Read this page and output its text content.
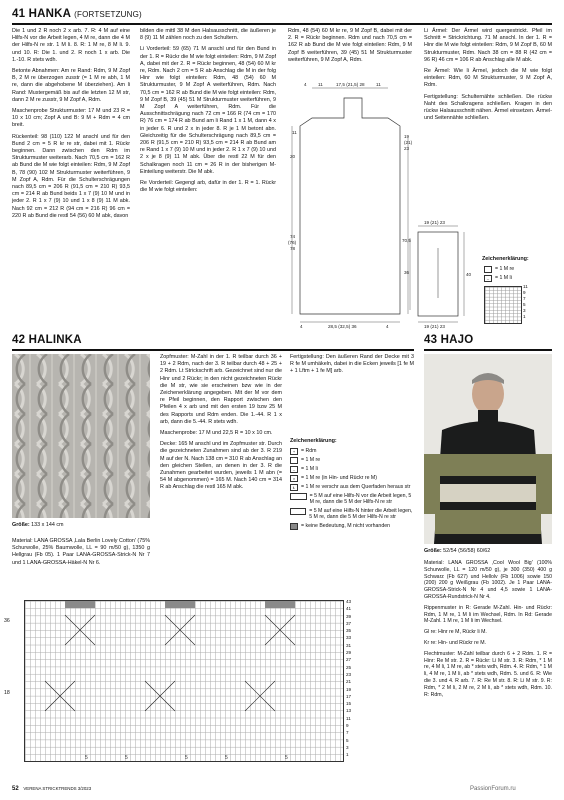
41 HANKA (FORTSETZUNG)

Die 1 und 2 R noch 2 x arb. 7. R: 4 M auf eine Hilfs-N vor die Arbeit legen, 4 M re, dann die 4 M der Hilfs-N re str. 1 M li. 8. R: 1 M re, 8 M li. 9. und 10. R: Die 1. und 2. R noch 1 x arb. Die 1.-10. R stets wdh.

Betonte Abnahmen: Am re Rand: Rdm, 9 M Zopf B, 2 M re überzogen zusstr (= 1 M re abh, 1 M re, dann die abgehobene M überziehen). Am li Rand: Mustergemäß bis auf die letzten 12 M str, dann 2 M re zusstr, 9 M Zopf A, Rdm.

Maschenprobe Strukturmuster: 17 M und 23 R = 10 x 10 cm; Zopf A und B: 9 M + Rdm = 4 cm breit.

Rückenteil: 98 (110) 122 M anschl und für den Bund 2 cm = 5 R kr re str, dabei mit 1. Rückr beginnen. Dann zwischen den Rdm im Strukturmuster weiterarb. Nach 70,5 cm = 162 R ab Bund die M wie folgt einteilen: Rdm, 9 M Zopf B, 78 (90) 102 M Strukturmuster weiterführen, 9 M Zopf A, Rdm. Für die Schulterschrägungen nach 89,5 cm = 206 R (91,5 cm = 210 R) 93,5 cm = 214 R ab Bund beids 1 x 7 (9) 10 M und in jeder 2. R 1 x 7 (9) 10 und 1 x 8 (9) 11 M abk. Nach 92 cm = 212 R (94 cm = 216 R) 96 cm = 220 R ab Bund die restl 54 (56) 60 M abk, davon

bilden die mittl 38 M den Halsausschnitt, die äußeren je 8 (9) 11 M zählen noch zu den Schultern.

Li Vorderteil: 59 (65) 71 M anschl und für den Bund in der 1. R = Rückr die M wie folgt einteilen: Rdm, 9 M Zopf A, dabei mit der 2. R = Rückr beginnen, 48 (54) 60 M kr re, Rdm. Nach 2 cm = 5 R ab Anschlag die M in der folg Hinr wie folgt einteilen: Rdm, 48 (54) 60 M Strukturmuster, 9 M Zopf A weiterführen, Rdm. Nach 70,5 cm = 162 R ab Bund die M wie folgt einteilen: Rdm, 9 M Zopf B, 39 (45) 51 M Strukturmuster weiterführen, 9 M Zopf A weiterführen, Rdm. Für die Ausschnittschrägung nach 72 cm = 166 R (74 cm = 170 R) 76 cm = 174 R ab Bund am li Rand 1 x 1 M, dann 4 x in jeder 6. R und 2 x in jeder 8. R je 1 M betont abn. Gleichzeitig für die Schulterschrägung nach 89,5 cm = 206 R (91,5 cm = 210 R) 93,5 cm = 214 R ab Bund am re Rand 1 x 7 (9) 10 M und in jeder 2. R 1 x 7 (9) 10 und 2 x je 8 (9) 11 M abk. Über die restl 22 M für den Schalkragen noch 11 cm = 26 R in der bisherigen M-Einteilung weiterstr. Die M abk.

Re Vorderteil: Gegengl arb, dafür in der 1. R = 1. Rückr die M wie folgt einteilen:

Rdm, 48 (54) 60 M kr re, 9 M Zopf B, dabei mit der 2. R = Rückr beginnen. Rdm und nach 70,5 cm = 162 R ab Bund die M wie folgt einteilen: Rdm, 9 M Zopf B weiterführen, 39 (45) 51 M Strukturmuster weiterführen, 9 M Zopf A, Rdm.

Li Ärmel: Der Ärmel wird quergestrickt. Pfeil im Schnitt = Strickrichtung. 71 M anschl. In der 1. R = Hinr die M wie folgt einteilen: Rdm, 9 M Zopf B, 60 M Strukturmuster, Rdm. Nach 38 cm = 88 R (42 cm = 96 R) 46 cm = 106 R ab Anschlag alle M abk.

Re Ärmel: Wie li Ärmel, jedoch die M wie folgt einteilen: Rdm, 60 M Strukturmuster, 9 M Zopf A, Rdm.

Fertigstellung: Schulternähte schließen. Die rückw Naht des Schalkragens schließen. Kragen in den rückw Halsausschnitt nähen. Ärmel einsetzen. Ärmel- und Seitennähte schließen.

4 11	17,5 (21,5) 28 11
11
19
(21)
23
20
74
(76)
78
70,5
4	28,5 (32,5) 36	4
19 (21) 23
36	40
19 (21) 23
Zeichenerklärung:
= 1 M re
–	= 1 M li
11
9
7
5
3
1
42 HALINKA	43 HAJO
Größe: 133 x 144 cm

Material: LANA GROSSA ‚Lala Berlin Lovely Cotton' (75% Schurwolle, 25% Baumwolle, LL = 90 m/50 g), 1350 g Hellgrau (Fb 05). 1 Paar LANA-GROSSA-Strick-N Nr 7 und 1 LANA-GROSSA-Häkel-N Nr 6.

Zopfmuster: M-Zahl in der 1. R teilbar durch 36 + 19 + 2 Rdm, nach der 3. R teilbar durch 48 + 25 + 2 Rdm. Lt Strickschrift arb. Gezeichnet sind nur die Hinr und 2 Rückr; in den nicht gezeichneten Rückr die M str, wie sie erscheinen bzw wie in der Zeichenerklärung angegeben. Mit der M vor dem re Pfeil beginnen, den Rapport zwischen den Pfeilen 4 x arb und mit den ersten 19 bzw 25 M des Rapports und Rdm enden. Die 1.-44. R 1 x arb, dann die 5.-44. R stets wdh.

Maschenprobe: 17 M und 22,5 R = 10 x 10 cm.

Decke: 165 M anschl und im Zopfmuster str. Durch die gezeichneten Zunahmen sind ab der 3. R 219 M auf der N. Nach 138 cm = 310 R ab Anschlag an den gleichen Stellen, an denen in der 3. R die Zunahmen gearbeitet wurden, jeweils 1 M abn (= 54 M abgenommen) = 165 M. Nach 140 cm = 314 R ab Anschlag die restl 165 M abk.

Fertigstellung: Den äußeren Rand der Decke mit 3 R fe M umhäkeln, dabei in die Ecken jeweils [1 fe M + 1 Lftm + 1 fe M] arb.

Zeichenerklärung:
+	= Rdm
= 1 M re
–	= 1 M li
×	= 1 M re (in Hin- und Rückr re M)
Ł	= 1 M re verschr aus dem Querfaden heraus str
= 5 M auf eine Hilfs-N vor die Arbeit legen, 5 M re, dann die 5 M der Hilfs-N re str
= 5 M auf eine Hilfs-N hinter die Arbeit legen, 5 M re, dann die 5 M der Hilfs-N re str
= keine Bedeutung, M nicht vorhanden
5	5	5	5	5
36
18
43
41
39
37
35
33
31
29
27
25
23
21
19
17
15
13
11
9
7
5
3
1
Größe: 52/54 (56/58) 60/62

Material: LANA GROSSA ‚Cool Wool Big' (100% Schurwolle, LL = 120 m/50 g), je 300 (350) 400 g Schwarz (Fb 627) und Hellolv (Fb 1006) sowie 150 (200) 200 g Weißgrau (Fb 1002). Je 1 Paar LANA-GROSSA-Strick-N Nr 4 und 4,5 sowie 1 LANA-GROSSA-Rundstrick-N Nr 4.

Rippenmuster in R: Gerade M-Zahl. Hin- und Rückr: Rdm, 1 M re, 1 M li im Wechsel, Rdm. In Rd: Gerade M-Zahl. 1 M re, 1 M li im Wechsel.

Gl re: Hinr re M, Rückr li M.

Kr re: Hin- und Rückr re M.

Flechtmuster: M-Zahl teilbar durch 6 + 2 Rdm. 1. R = Hinr: Re M str. 2. R = Rückr: Li M str. 3. R: Rdm, * 1 M re, 4 M li, 1 M re, ab * stets wdh, Rdm. 4. R: Rdm, * 1 M li, 4 M re, 1 M li, ab * stets wdh, Rdm. 5. und 6. R: Wie die 3. und 4. R arb. 7. R: Re M str. 8. R: Li M str. 9. R: Rdm, * 2 M li, 2 M re, 2 M li, ab * stets wdh, Rdm. 10. R: Rdm,

52 VERENA STRICKTRENDS 3/2023	PassionForum.ru
